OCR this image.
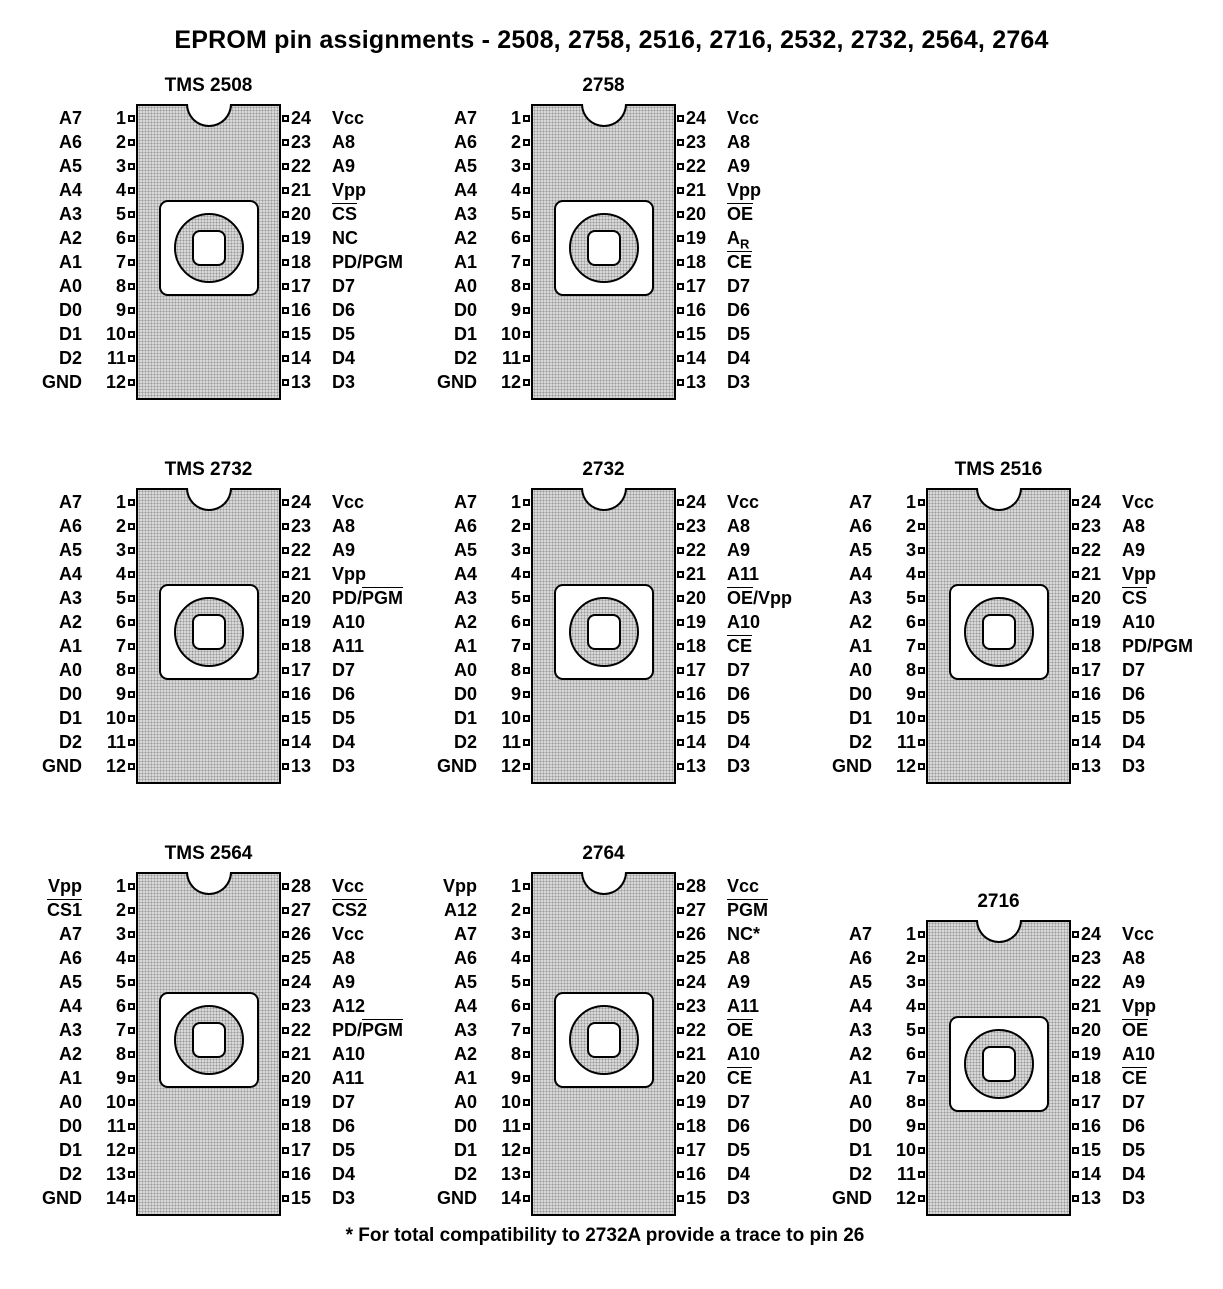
EPROM pin assignments - 2508, 2758, 2516, 2716, 2532, 2732, 2564, 2764
TMS 2508
1
A7
2
A6
3
A5
4
A4
5
A3
6
A2
7
A1
8
A0
9
D0
10
D1
11
D2
12
GND
24 Vcc
23 A8
22 A9
21 Vpp
20 $\overline{CS}$
19 NC
18 PD/PGM
17 D7
16 D6
15 D5
14 D4
13 D3
2758
1
A7
2
A6
3
A5
4
A4
5
A3
6
A2
7
A1
8
A0
9
D0
10
D1
11
D2
12
GND
24 Vcc
23 A8
22 A9
21 Vpp
20 $\overline{OE}$
19 $A_R$
18 $\overline{CE}$
17 D7
16 D6
15 D5
14 D4
13 D3
TMS 2732
1
A7
2
A6
3
A5
4
A4
5
A3
6
A2
7
A1
8
A0
9
D0
10
D1
11
D2
12
GND
24 Vcc
23 A8
22 A9
21 Vpp
20 $PD/\overline{PGM}$
19 A10
18 A11
17 D7
16 D6
15 D5
14 D4
13 D3
2732
1
A7
2
A6
3
A5
4
A4
5
A3
6
A2
7
A1
8
A0
9
D0
10
D1
11
D2
12
GND
24 Vcc
23 A8
22 A9
21 A11
20 $\overline{OE}$/Vpp
19 A10
18 $\overline{CE}$
17 D7
16 D6
15 D5
14 D4
13 D3
TMS 2516
1
A7
2
A6
3
A5
4
A4
5
A3
6
A2
7
A1
8
A0
9
D0
10
D1
11
D2
12
GND
24 Vcc
23 A8
22 A9
21 Vpp
20 $\overline{CS}$
19 A10
18 PD/PGM
17 D7
16 D6
15 D5
14 D4
13 D3
TMS 2564
1
Vpp
2
CS1
3
A7
4
A6
5
A5
6
A4
7
A3
8
A2
9
A1
10
A0
11
D0
12
D1
13
D2
14
GND
28 Vcc
27 CS2
26 Vcc
25 A8
24 A9
23 A12
22 $PD/\overline{PGM}$
21 A10
20 A11
19 D7
18 D6
17 D5
16 D4
15 D3
2764
1
Vpp
2
A12
3
A7
4
A6
5
A5
6
A4
7
A3
8
A2
9
A1
10
A0
11
D0
12
D1
13
D2
14
GND
28 Vcc
27 $\overline{PGM}$
26 NC*
25 A8
24 A9
23 A11
22 $\overline{OE}$
21 A10
20 $\overline{CE}$
19 D7
18 D6
17 D5
16 D4
15 D3
2716
1
A7
2
A6
3
A5
4
A4
5
A3
6
A2
7
A1
8
A0
9
D0
10
D1
11
D2
12
GND
24 Vcc
23 A8
22 A9
21 Vpp
20 $\overline{OE}$
19 A10
18 $\overline{CE}$
17 D7
16 D6
15 D5
14 D4
13 D3
* For total compatibility to 2732A provide a trace to pin 26
